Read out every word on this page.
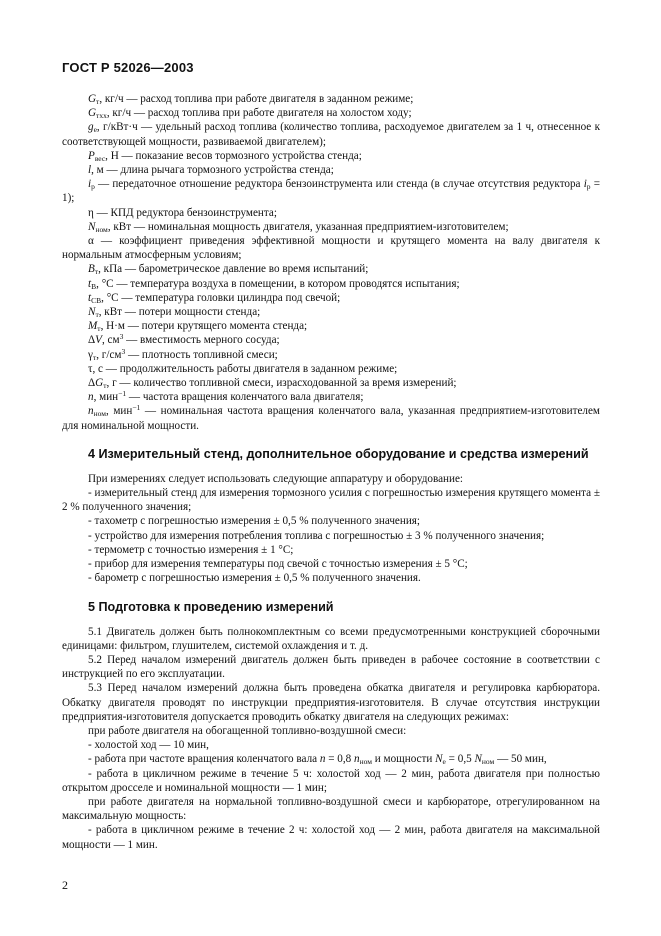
ГОСТ Р 52026—2003

$G_т$, кг/ч — расход топлива при работе двигателя в заданном режиме;

$G_{тхх}$, кг/ч — расход топлива при работе двигателя на холостом ходу;

$g_e$, г/кВт·ч — удельный расход топлива (количество топлива, расходуемое двигателем за 1 ч, отнесенное к соответствующей мощности, развиваемой двигателем);

$P_{вес}$, Н — показание весов тормозного устройства стенда;

l, м — длина рычага тормозного устройства стенда;

$i_р$ — передаточное отношение редуктора бензоинструмента или стенда (в случае отсутствия редуктора $i_р = 1$);

η — КПД редуктора бензоинструмента;

$N_{ном}$, кВт — номинальная мощность двигателя, указанная предприятием-изготовителем;

α — коэффициент приведения эффективной мощности и крутящего момента на валу двигателя к нормальным атмосферным условиям;

$B_т$, кПа — барометрическое давление во время испытаний;

$t_В$, °С — температура воздуха в помещении, в котором проводятся испытания;

$t_{СВ}$, °С — температура головки цилиндра под свечой;

$N_т$, кВт — потери мощности стенда;

$M_т$, Н·м — потери крутящего момента стенда;

ΔV, $см^3$ — вместимость мерного сосуда;

$\gamma_т$, $г/см^3$ — плотность топливной смеси;

τ, с — продолжительность работы двигателя в заданном режиме;

$\Delta G_т$, г — количество топливной смеси, израсходованной за время измерений;

n, мин$^{-1}$ — частота вращения коленчатого вала двигателя;

$n_{ном}$, мин$^{-1}$ — номинальная частота вращения коленчатого вала, указанная предприятием-изготовителем для номинальной мощности.

4 Измерительный стенд, дополнительное оборудование и средства измерений

При измерениях следует использовать следующие аппаратуру и оборудование:

- измерительный стенд для измерения тормозного усилия с погрешностью измерения крутящего момента ± 2 % полученного значения;

- тахометр с погрешностью измерения ± 0,5 % полученного значения;

- устройство для измерения потребления топлива с погрешностью ± 3 % полученного значения;

- термометр с точностью измерения ± 1 °С;

- прибор для измерения температуры под свечой с точностью измерения ± 5 °С;

- барометр с погрешностью измерения ± 0,5 % полученного значения.

5 Подготовка к проведению измерений

5.1 Двигатель должен быть полнокомплектным со всеми предусмотренными конструкцией сборочными единицами: фильтром, глушителем, системой охлаждения и т. д.

5.2 Перед началом измерений двигатель должен быть приведен в рабочее состояние в соответствии с инструкцией по его эксплуатации.

5.3 Перед началом измерений должна быть проведена обкатка двигателя и регулировка карбюратора. Обкатку двигателя проводят по инструкции предприятия-изготовителя. В случае отсутствия инструкции предприятия-изготовителя допускается проводить обкатку двигателя на следующих режимах:

при работе двигателя на обогащенной топливно-воздушной смеси:

- холостой ход — 10 мин,

- работа при частоте вращения коленчатого вала n = 0,8 $n_{ном}$ и мощности $N_e = 0,5$ $N_{ном}$ — 50 мин,

- работа в цикличном режиме в течение 5 ч: холостой ход — 2 мин, работа двигателя при полностью открытом дросселе и номинальной мощности — 1 мин;

при работе двигателя на нормальной топливно-воздушной смеси и карбюраторе, отрегулированном на максимальную мощность:

- работа в цикличном режиме в течение 2 ч: холостой ход — 2 мин, работа двигателя на максимальной мощности — 1 мин.

2
